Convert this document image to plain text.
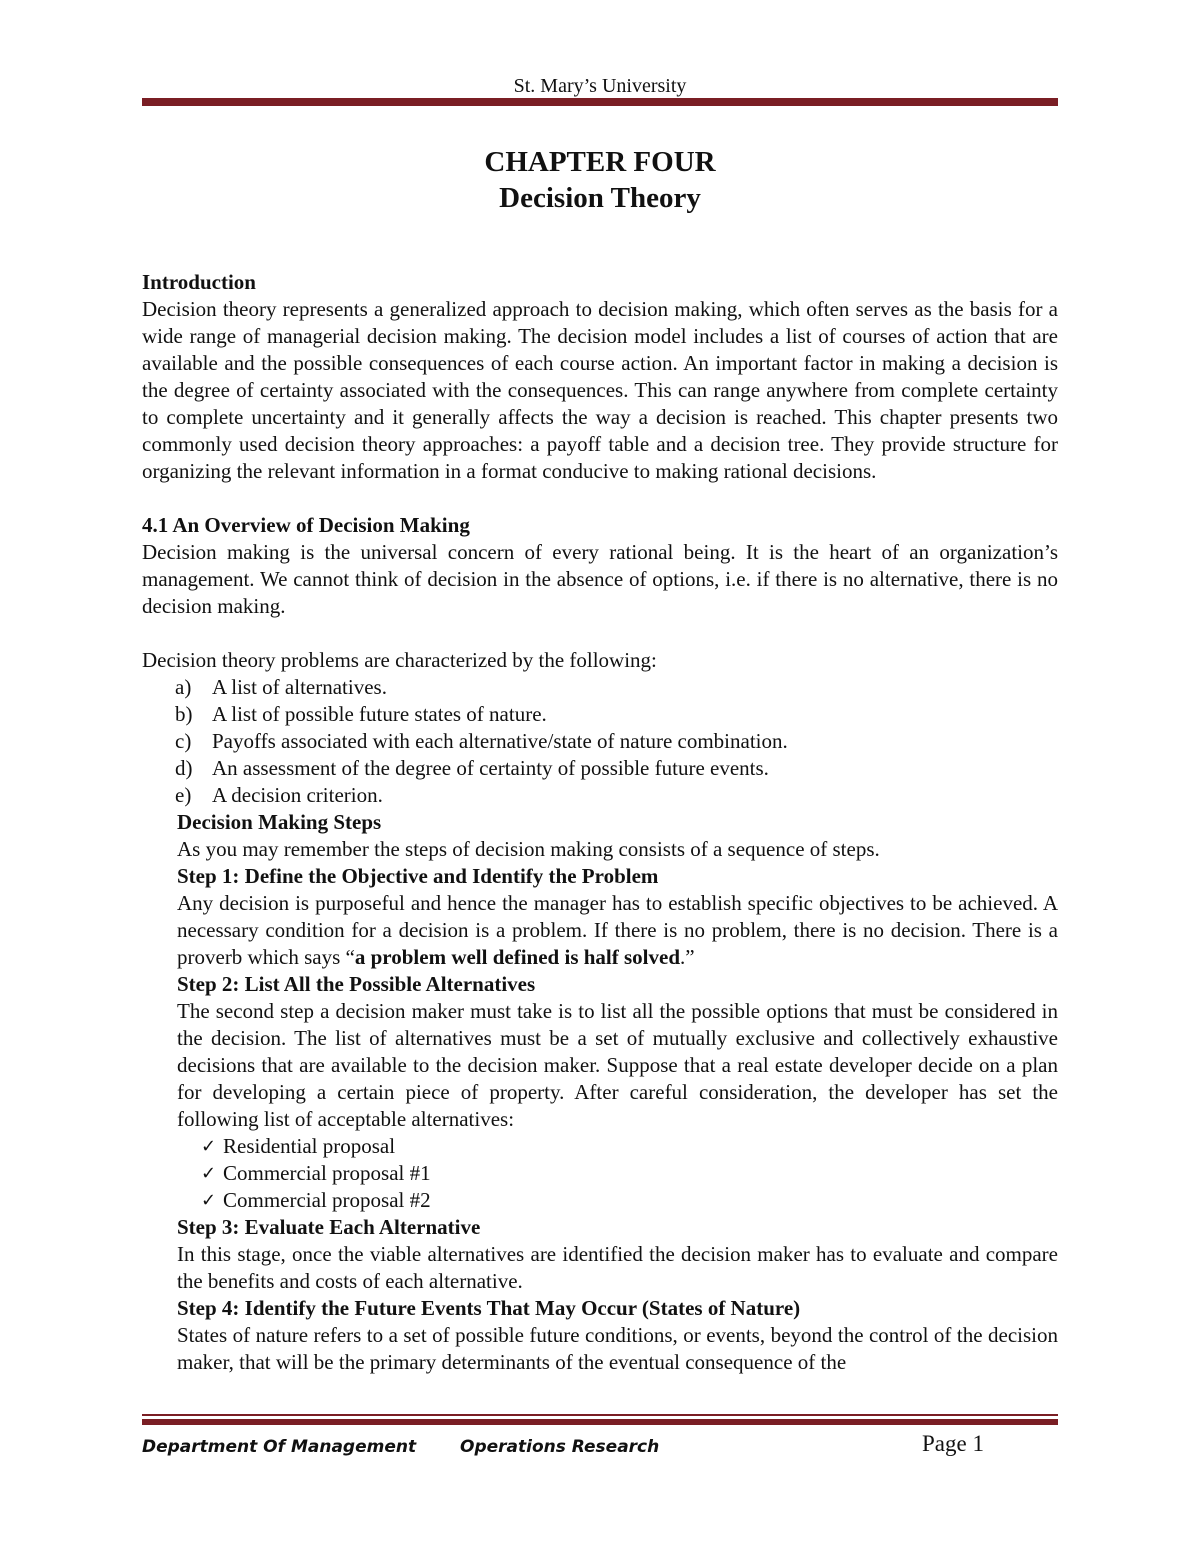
St. Mary’s University
CHAPTER FOUR
Decision Theory

Introduction

Decision theory represents a generalized approach to decision making, which often serves as the basis for a wide range of managerial decision making. The decision model includes a list of courses of action that are available and the possible consequences of each course action. An important factor in making a decision is the degree of certainty associated with the consequences. This can range anywhere from complete certainty to complete uncertainty and it generally affects the way a decision is reached. This chapter presents two commonly used decision theory approaches: a payoff table and a decision tree. They provide structure for organizing the relevant information in a format conducive to making rational decisions.

4.1 An Overview of Decision Making

Decision making is the universal concern of every rational being. It is the heart of an organization’s management. We cannot think of decision in the absence of options, i.e. if there is no alternative, there is no decision making.

Decision theory problems are characterized by the following:

a) A list of alternatives.
b) A list of possible future states of nature.
c) Payoffs associated with each alternative/state of nature combination.
d) An assessment of the degree of certainty of possible future events.
e) A decision criterion.

Decision Making Steps

As you may remember the steps of decision making consists of a sequence of steps.

Step 1: Define the Objective and Identify the Problem

Any decision is purposeful and hence the manager has to establish specific objectives to be achieved. A necessary condition for a decision is a problem. If there is no problem, there is no decision. There is a proverb which says “a problem well defined is half solved.”

Step 2: List All the Possible Alternatives

The second step a decision maker must take is to list all the possible options that must be considered in the decision. The list of alternatives must be a set of mutually exclusive and collectively exhaustive decisions that are available to the decision maker. Suppose that a real estate developer decide on a plan for developing a certain piece of property. After careful consideration, the developer has set the following list of acceptable alternatives:

✓ Residential proposal
✓ Commercial proposal #1
✓ Commercial proposal #2

Step 3: Evaluate Each Alternative

In this stage, once the viable alternatives are identified the decision maker has to evaluate and compare the benefits and costs of each alternative.

Step 4: Identify the Future Events That May Occur (States of Nature)

States of nature refers to a set of possible future conditions, or events, beyond the control of the decision maker, that will be the primary determinants of the eventual consequence of the

Department Of Management	Operations Research	Page 1
